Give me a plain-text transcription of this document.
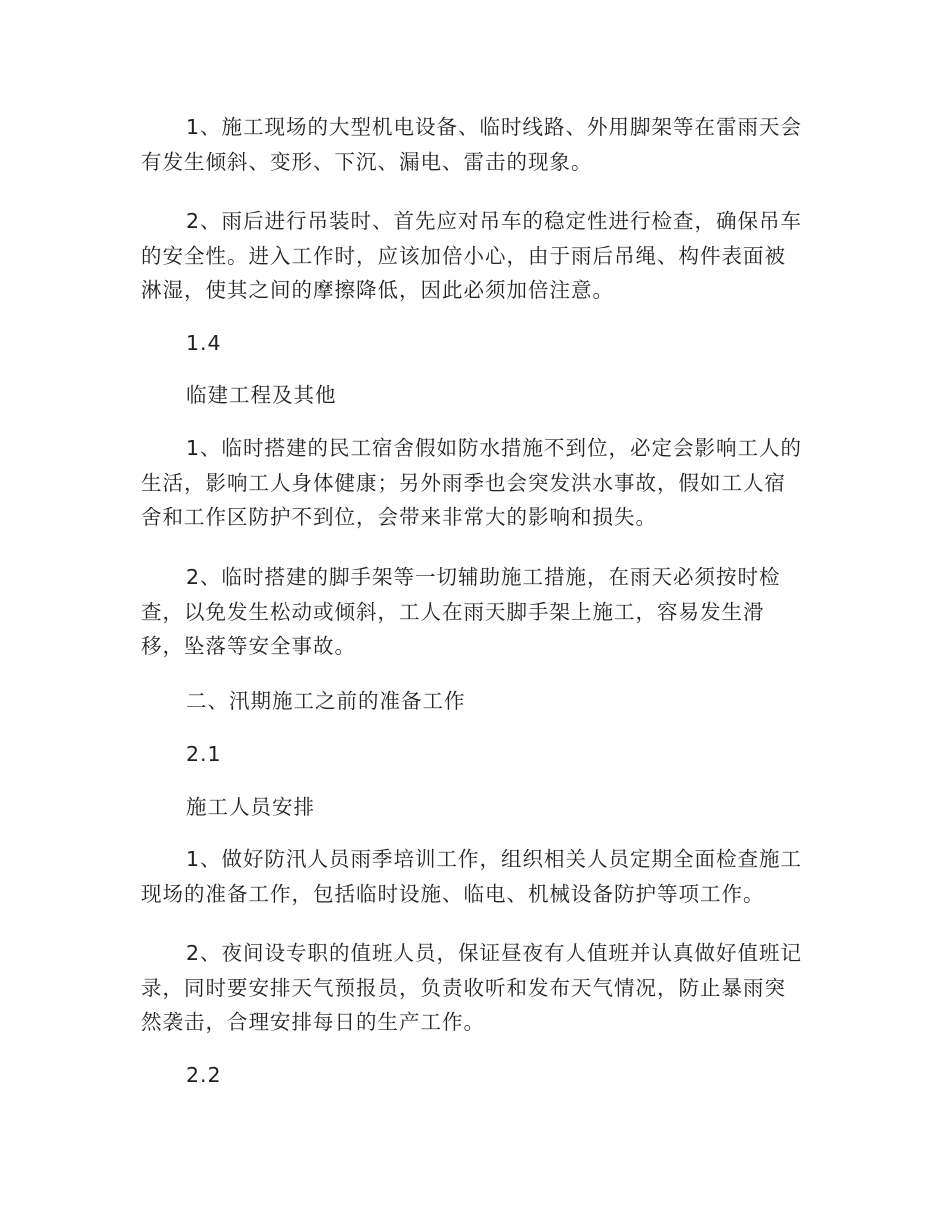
1、施工现场的大型机电设备、临时线路、外用脚架等在雷雨天会
有发生倾斜、变形、下沉、漏电、雷击的现象。

2、雨后进行吊装时、首先应对吊车的稳定性进行检查，确保吊车
的安全性。进入工作时，应该加倍小心，由于雨后吊绳、构件表面被
淋湿，使其之间的摩擦降低，因此必须加倍注意。

1.4

临建工程及其他

1、临时搭建的民工宿舍假如防水措施不到位，必定会影响工人的
生活，影响工人身体健康；另外雨季也会突发洪水事故，假如工人宿
舍和工作区防护不到位，会带来非常大的影响和损失。

2、临时搭建的脚手架等一切辅助施工措施，在雨天必须按时检
查，以免发生松动或倾斜，工人在雨天脚手架上施工，容易发生滑
移，坠落等安全事故。

二、汛期施工之前的准备工作

2.1

施工人员安排

1、做好防汛人员雨季培训工作，组织相关人员定期全面检查施工
现场的准备工作，包括临时设施、临电、机械设备防护等项工作。

2、夜间设专职的值班人员，保证昼夜有人值班并认真做好值班记
录，同时要安排天气预报员，负责收听和发布天气情况，防止暴雨突
然袭击，合理安排每日的生产工作。

2.2
